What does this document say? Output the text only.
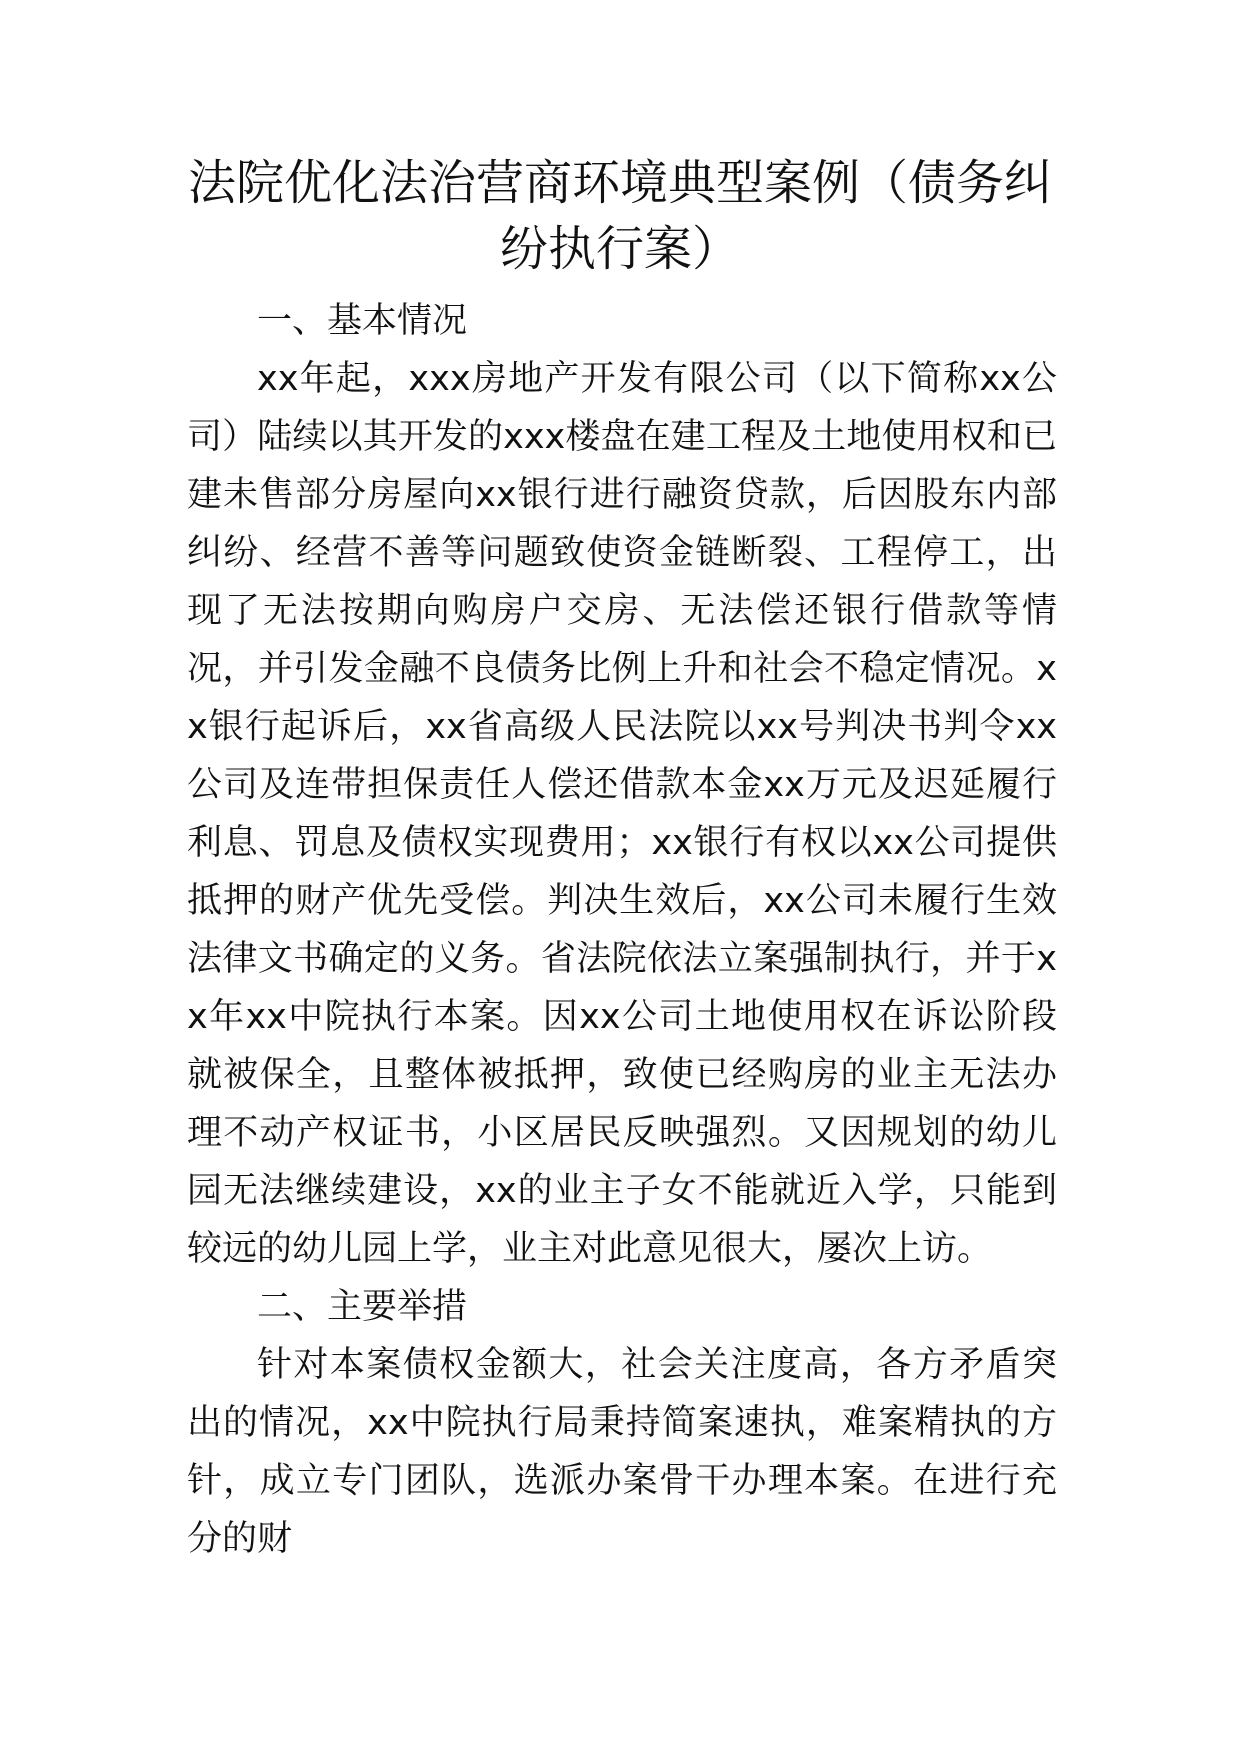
法院优化法治营商环境典型案例（债务纠纷执行案）

一、基本情况

xx年起，xxx房地产开发有限公司（以下简称xx公司）陆续以其开发的xxx楼盘在建工程及土地使用权和已建未售部分房屋向xx银行进行融资贷款，后因股东内部纠纷、经营不善等问题致使资金链断裂、工程停工，出现了无法按期向购房户交房、无法偿还银行借款等情况，并引发金融不良债务比例上升和社会不稳定情况。xx银行起诉后，xx省高级人民法院以xx号判决书判令xx公司及连带担保责任人偿还借款本金xx万元及迟延履行利息、罚息及债权实现费用；xx银行有权以xx公司提供抵押的财产优先受偿。判决生效后，xx公司未履行生效法律文书确定的义务。省法院依法立案强制执行，并于xx年xx中院执行本案。因xx公司土地使用权在诉讼阶段就被保全，且整体被抵押，致使已经购房的业主无法办理不动产权证书，小区居民反映强烈。又因规划的幼儿园无法继续建设，xx的业主子女不能就近入学，只能到较远的幼儿园上学，业主对此意见很大，屡次上访。

二、主要举措

针对本案债权金额大，社会关注度高，各方矛盾突出的情况，xx中院执行局秉持简案速执，难案精执的方针，成立专门团队，选派办案骨干办理本案。在进行充分的财
